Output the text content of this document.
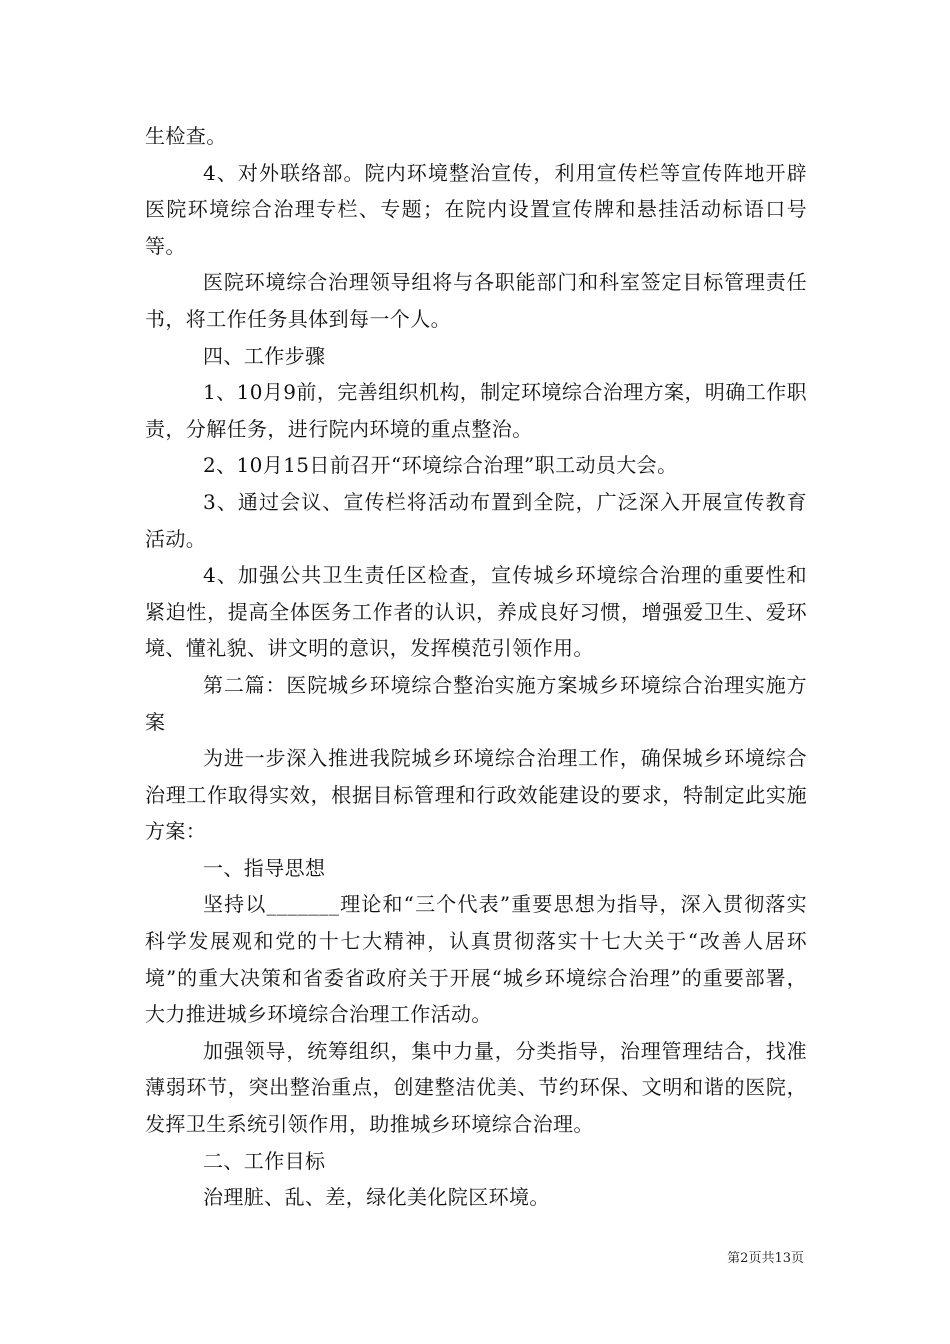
生检查。

4、对外联络部。院内环境整治宣传，利用宣传栏等宣传阵地开辟医院环境综合治理专栏、专题；在院内设置宣传牌和悬挂活动标语口号等。

医院环境综合治理领导组将与各职能部门和科室签定目标管理责任书，将工作任务具体到每一个人。

四、工作步骤

1、10月9前，完善组织机构，制定环境综合治理方案，明确工作职责，分解任务，进行院内环境的重点整治。

2、10月15日前召开“环境综合治理”职工动员大会。

3、通过会议、宣传栏将活动布置到全院，广泛深入开展宣传教育活动。

4、加强公共卫生责任区检查，宣传城乡环境综合治理的重要性和紧迫性，提高全体医务工作者的认识，养成良好习惯，增强爱卫生、爱环境、懂礼貌、讲文明的意识，发挥模范引领作用。

第二篇：医院城乡环境综合整治实施方案城乡环境综合治理实施方案

为进一步深入推进我院城乡环境综合治理工作，确保城乡环境综合治理工作取得实效，根据目标管理和行政效能建设的要求，特制定此实施方案：

一、指导思想

坚持以_______理论和“三个代表”重要思想为指导，深入贯彻落实科学发展观和党的十七大精神，认真贯彻落实十七大关于“改善人居环境”的重大决策和省委省政府关于开展“城乡环境综合治理”的重要部署，大力推进城乡环境综合治理工作活动。

加强领导，统筹组织，集中力量，分类指导，治理管理结合，找准薄弱环节，突出整治重点，创建整洁优美、节约环保、文明和谐的医院，发挥卫生系统引领作用，助推城乡环境综合治理。

二、工作目标

治理脏、乱、差，绿化美化院区环境。

第2页共13页
